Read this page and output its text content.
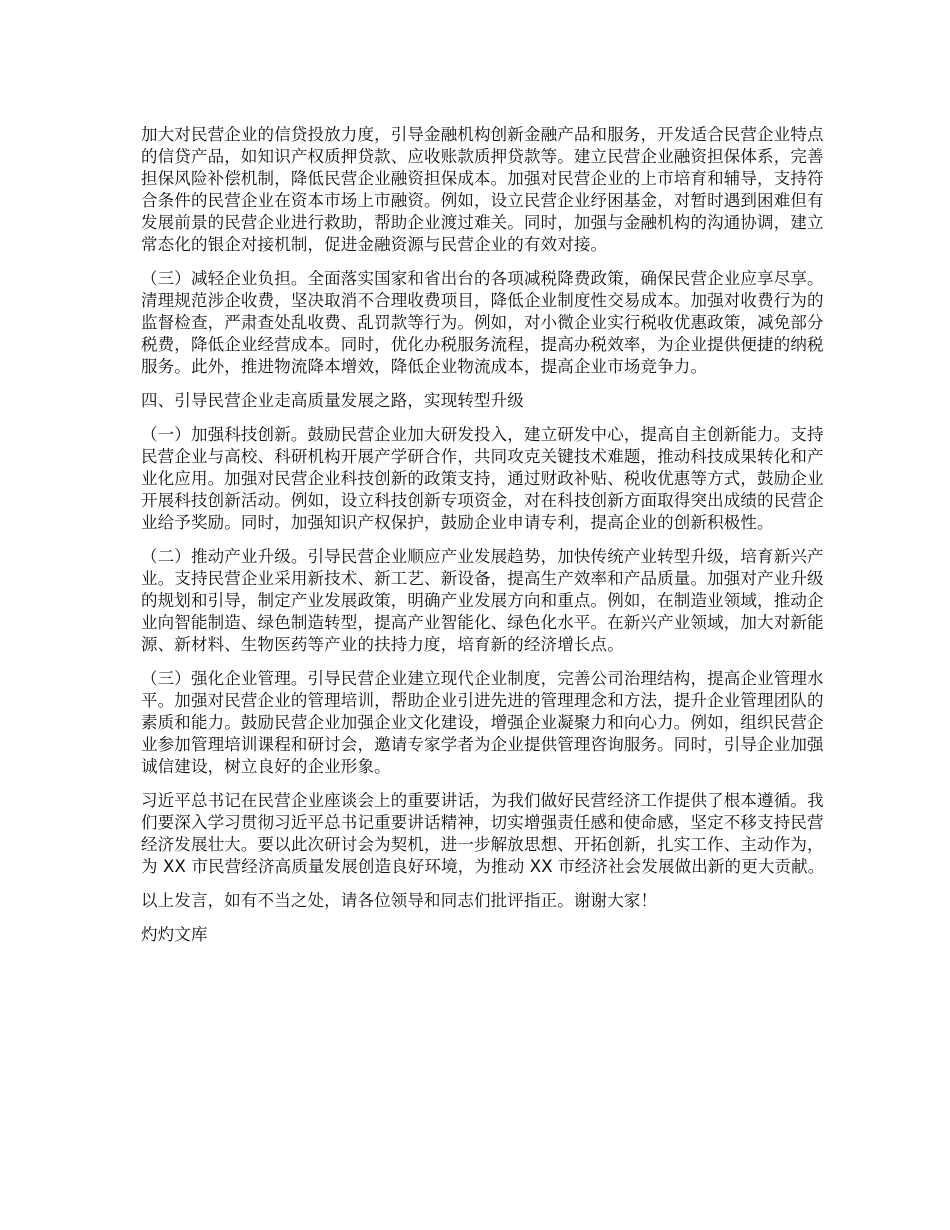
加大对民营企业的信贷投放力度，引导金融机构创新金融产品和服务，开发适合民营企业特点的信贷产品，如知识产权质押贷款、应收账款质押贷款等。建立民营企业融资担保体系，完善担保风险补偿机制，降低民营企业融资担保成本。加强对民营企业的上市培育和辅导，支持符合条件的民营企业在资本市场上市融资。例如，设立民营企业纾困基金，对暂时遇到困难但有发展前景的民营企业进行救助，帮助企业渡过难关。同时，加强与金融机构的沟通协调，建立常态化的银企对接机制，促进金融资源与民营企业的有效对接。

（三）减轻企业负担。全面落实国家和省出台的各项减税降费政策，确保民营企业应享尽享。清理规范涉企收费，坚决取消不合理收费项目，降低企业制度性交易成本。加强对收费行为的监督检查，严肃查处乱收费、乱罚款等行为。例如，对小微企业实行税收优惠政策，减免部分税费，降低企业经营成本。同时，优化办税服务流程，提高办税效率，为企业提供便捷的纳税服务。此外，推进物流降本增效，降低企业物流成本，提高企业市场竞争力。

四、引导民营企业走高质量发展之路，实现转型升级

（一）加强科技创新。鼓励民营企业加大研发投入，建立研发中心，提高自主创新能力。支持民营企业与高校、科研机构开展产学研合作，共同攻克关键技术难题，推动科技成果转化和产业化应用。加强对民营企业科技创新的政策支持，通过财政补贴、税收优惠等方式，鼓励企业开展科技创新活动。例如，设立科技创新专项资金，对在科技创新方面取得突出成绩的民营企业给予奖励。同时，加强知识产权保护，鼓励企业申请专利，提高企业的创新积极性。

（二）推动产业升级。引导民营企业顺应产业发展趋势，加快传统产业转型升级，培育新兴产业。支持民营企业采用新技术、新工艺、新设备，提高生产效率和产品质量。加强对产业升级的规划和引导，制定产业发展政策，明确产业发展方向和重点。例如，在制造业领域，推动企业向智能制造、绿色制造转型，提高产业智能化、绿色化水平。在新兴产业领域，加大对新能源、新材料、生物医药等产业的扶持力度，培育新的经济增长点。

（三）强化企业管理。引导民营企业建立现代企业制度，完善公司治理结构，提高企业管理水平。加强对民营企业的管理培训，帮助企业引进先进的管理理念和方法，提升企业管理团队的素质和能力。鼓励民营企业加强企业文化建设，增强企业凝聚力和向心力。例如，组织民营企业参加管理培训课程和研讨会，邀请专家学者为企业提供管理咨询服务。同时，引导企业加强诚信建设，树立良好的企业形象。

习近平总书记在民营企业座谈会上的重要讲话，为我们做好民营经济工作提供了根本遵循。我们要深入学习贯彻习近平总书记重要讲话精神，切实增强责任感和使命感，坚定不移支持民营经济发展壮大。要以此次研讨会为契机，进一步解放思想、开拓创新，扎实工作、主动作为，为 XX 市民营经济高质量发展创造良好环境，为推动 XX 市经济社会发展做出新的更大贡献。

以上发言，如有不当之处，请各位领导和同志们批评指正。谢谢大家！

灼灼文库
